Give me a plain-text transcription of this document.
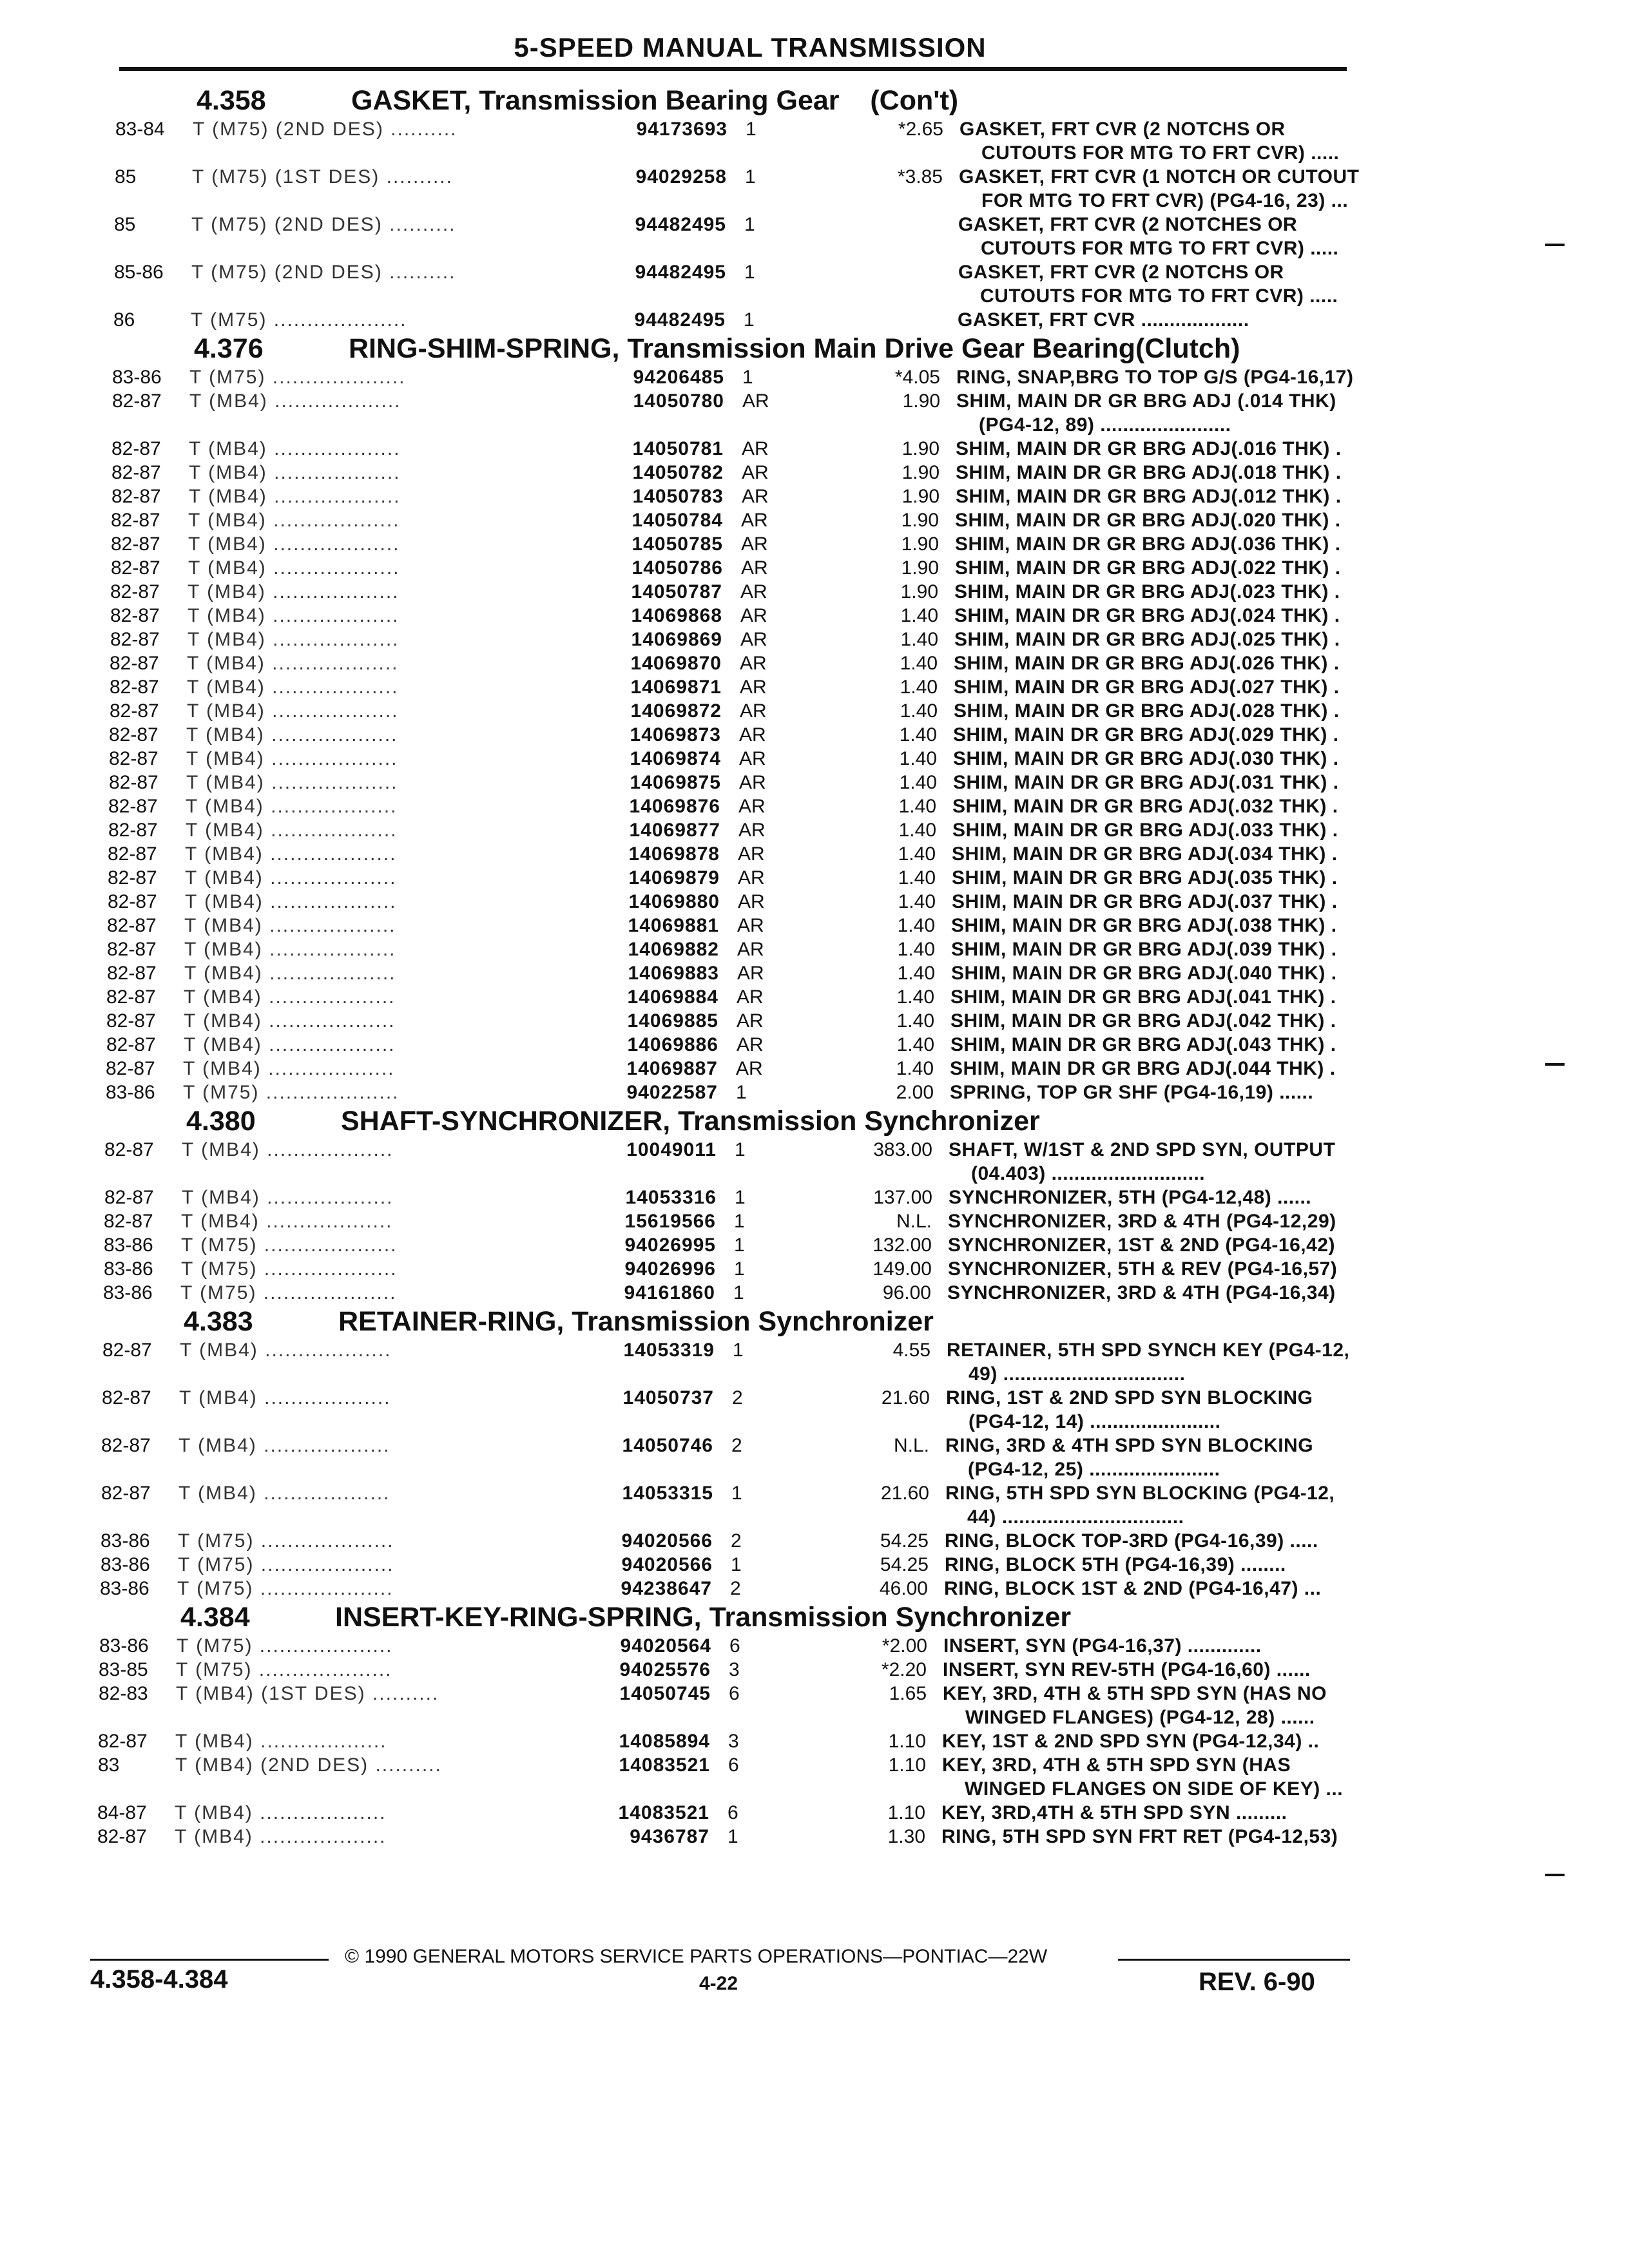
5-SPEED MANUAL TRANSMISSION
4.358	GASKET, Transmission Bearing Gear (Con't)
83-84 T (M75) (2ND DES) ..........	94173693 1	*2.65 GASKET, FRT CVR (2 NOTCHS OR
CUTOUTS FOR MTG TO FRT CVR) .....
85	T (M75) (1ST DES) ..........	94029258 1	*3.85 GASKET, FRT CVR (1 NOTCH OR CUTOUT
FOR MTG TO FRT CVR) (PG4-16, 23) ...
85	T (M75) (2ND DES) ..........	94482495 1	GASKET, FRT CVR (2 NOTCHES OR
CUTOUTS FOR MTG TO FRT CVR) .....
85-86 T (M75) (2ND DES) ..........	94482495 1	GASKET, FRT CVR (2 NOTCHS OR
CUTOUTS FOR MTG TO FRT CVR) .....
86	T (M75) ....................	94482495 1	GASKET, FRT CVR ...................
4.376	RING-SHIM-SPRING, Transmission Main Drive Gear Bearing(Clutch)
83-86 T (M75) ....................	94206485 1	*4.05 RING, SNAP,BRG TO TOP G/S (PG4-16,17)
82-87 T (MB4) ...................	14050780 AR	1.90 SHIM, MAIN DR GR BRG ADJ (.014 THK)
(PG4-12, 89) .......................
82-87 T (MB4) ...................	14050781 AR	1.90 SHIM, MAIN DR GR BRG ADJ(.016 THK) .
82-87 T (MB4) ...................	14050782 AR	1.90 SHIM, MAIN DR GR BRG ADJ(.018 THK) .
82-87 T (MB4) ...................	14050783 AR	1.90 SHIM, MAIN DR GR BRG ADJ(.012 THK) .
82-87 T (MB4) ...................	14050784 AR	1.90 SHIM, MAIN DR GR BRG ADJ(.020 THK) .
82-87 T (MB4) ...................	14050785 AR	1.90 SHIM, MAIN DR GR BRG ADJ(.036 THK) .
82-87 T (MB4) ...................	14050786 AR	1.90 SHIM, MAIN DR GR BRG ADJ(.022 THK) .
82-87 T (MB4) ...................	14050787 AR	1.90 SHIM, MAIN DR GR BRG ADJ(.023 THK) .
82-87 T (MB4) ...................	14069868 AR	1.40 SHIM, MAIN DR GR BRG ADJ(.024 THK) .
82-87 T (MB4) ...................	14069869 AR	1.40 SHIM, MAIN DR GR BRG ADJ(.025 THK) .
82-87 T (MB4) ...................	14069870 AR	1.40 SHIM, MAIN DR GR BRG ADJ(.026 THK) .
82-87 T (MB4) ...................	14069871 AR	1.40 SHIM, MAIN DR GR BRG ADJ(.027 THK) .
82-87 T (MB4) ...................	14069872 AR	1.40 SHIM, MAIN DR GR BRG ADJ(.028 THK) .
82-87 T (MB4) ...................	14069873 AR	1.40 SHIM, MAIN DR GR BRG ADJ(.029 THK) .
82-87 T (MB4) ...................	14069874 AR	1.40 SHIM, MAIN DR GR BRG ADJ(.030 THK) .
82-87 T (MB4) ...................	14069875 AR	1.40 SHIM, MAIN DR GR BRG ADJ(.031 THK) .
82-87 T (MB4) ...................	14069876 AR	1.40 SHIM, MAIN DR GR BRG ADJ(.032 THK) .
82-87 T (MB4) ...................	14069877 AR	1.40 SHIM, MAIN DR GR BRG ADJ(.033 THK) .
82-87 T (MB4) ...................	14069878 AR	1.40 SHIM, MAIN DR GR BRG ADJ(.034 THK) .
82-87 T (MB4) ...................	14069879 AR	1.40 SHIM, MAIN DR GR BRG ADJ(.035 THK) .
82-87 T (MB4) ...................	14069880 AR	1.40 SHIM, MAIN DR GR BRG ADJ(.037 THK) .
82-87 T (MB4) ...................	14069881 AR	1.40 SHIM, MAIN DR GR BRG ADJ(.038 THK) .
82-87 T (MB4) ...................	14069882 AR	1.40 SHIM, MAIN DR GR BRG ADJ(.039 THK) .
82-87 T (MB4) ...................	14069883 AR	1.40 SHIM, MAIN DR GR BRG ADJ(.040 THK) .
82-87 T (MB4) ...................	14069884 AR	1.40 SHIM, MAIN DR GR BRG ADJ(.041 THK) .
82-87 T (MB4) ...................	14069885 AR	1.40 SHIM, MAIN DR GR BRG ADJ(.042 THK) .
82-87 T (MB4) ...................	14069886 AR	1.40 SHIM, MAIN DR GR BRG ADJ(.043 THK) .
82-87 T (MB4) ...................	14069887 AR	1.40 SHIM, MAIN DR GR BRG ADJ(.044 THK) .
83-86 T (M75) ....................	94022587 1	2.00 SPRING, TOP GR SHF (PG4-16,19) ......
4.380	SHAFT-SYNCHRONIZER, Transmission Synchronizer
82-87 T (MB4) ...................	10049011 1	383.00 SHAFT, W/1ST & 2ND SPD SYN, OUTPUT
(04.403) ...........................
82-87 T (MB4) ...................	14053316 1	137.00 SYNCHRONIZER, 5TH (PG4-12,48) ......
82-87 T (MB4) ...................	15619566 1	N.L. SYNCHRONIZER, 3RD & 4TH (PG4-12,29)
83-86 T (M75) ....................	94026995 1	132.00 SYNCHRONIZER, 1ST & 2ND (PG4-16,42)
83-86 T (M75) ....................	94026996 1	149.00 SYNCHRONIZER, 5TH & REV (PG4-16,57)
83-86 T (M75) ....................	94161860 1	96.00 SYNCHRONIZER, 3RD & 4TH (PG4-16,34)
4.383	RETAINER-RING, Transmission Synchronizer
82-87 T (MB4) ...................	14053319 1	4.55 RETAINER, 5TH SPD SYNCH KEY (PG4-12,
49) ................................
82-87 T (MB4) ...................	14050737 2	21.60 RING, 1ST & 2ND SPD SYN BLOCKING
(PG4-12, 14) .......................
82-87 T (MB4) ...................	14050746 2	N.L. RING, 3RD & 4TH SPD SYN BLOCKING
(PG4-12, 25) .......................
82-87 T (MB4) ...................	14053315 1	21.60 RING, 5TH SPD SYN BLOCKING (PG4-12,
44) ................................
83-86 T (M75) ....................	94020566 2	54.25 RING, BLOCK TOP-3RD (PG4-16,39) .....
83-86 T (M75) ....................	94020566 1	54.25 RING, BLOCK 5TH (PG4-16,39) ........
83-86 T (M75) ....................	94238647 2	46.00 RING, BLOCK 1ST & 2ND (PG4-16,47) ...
4.384	INSERT-KEY-RING-SPRING, Transmission Synchronizer
83-86 T (M75) ....................	94020564 6	*2.00 INSERT, SYN (PG4-16,37) .............
83-85 T (M75) ....................	94025576 3	*2.20 INSERT, SYN REV-5TH (PG4-16,60) ......
82-83 T (MB4) (1ST DES) ..........	14050745 6	1.65 KEY, 3RD, 4TH & 5TH SPD SYN (HAS NO
WINGED FLANGES) (PG4-12, 28) ......
82-87 T (MB4) ...................	14085894 3	1.10 KEY, 1ST & 2ND SPD SYN (PG4-12,34) ..
83	T (MB4) (2ND DES) ..........	14083521 6	1.10 KEY, 3RD, 4TH & 5TH SPD SYN (HAS
WINGED FLANGES ON SIDE OF KEY) ...
84-87 T (MB4) ...................	14083521 6	1.10 KEY, 3RD,4TH & 5TH SPD SYN .........
82-87 T (MB4) ...................	9436787 1	1.30 RING, 5TH SPD SYN FRT RET (PG4-12,53)
© 1990 GENERAL MOTORS SERVICE PARTS OPERATIONS—PONTIAC—22W
4.358-4.384	4-22	REV. 6-90
